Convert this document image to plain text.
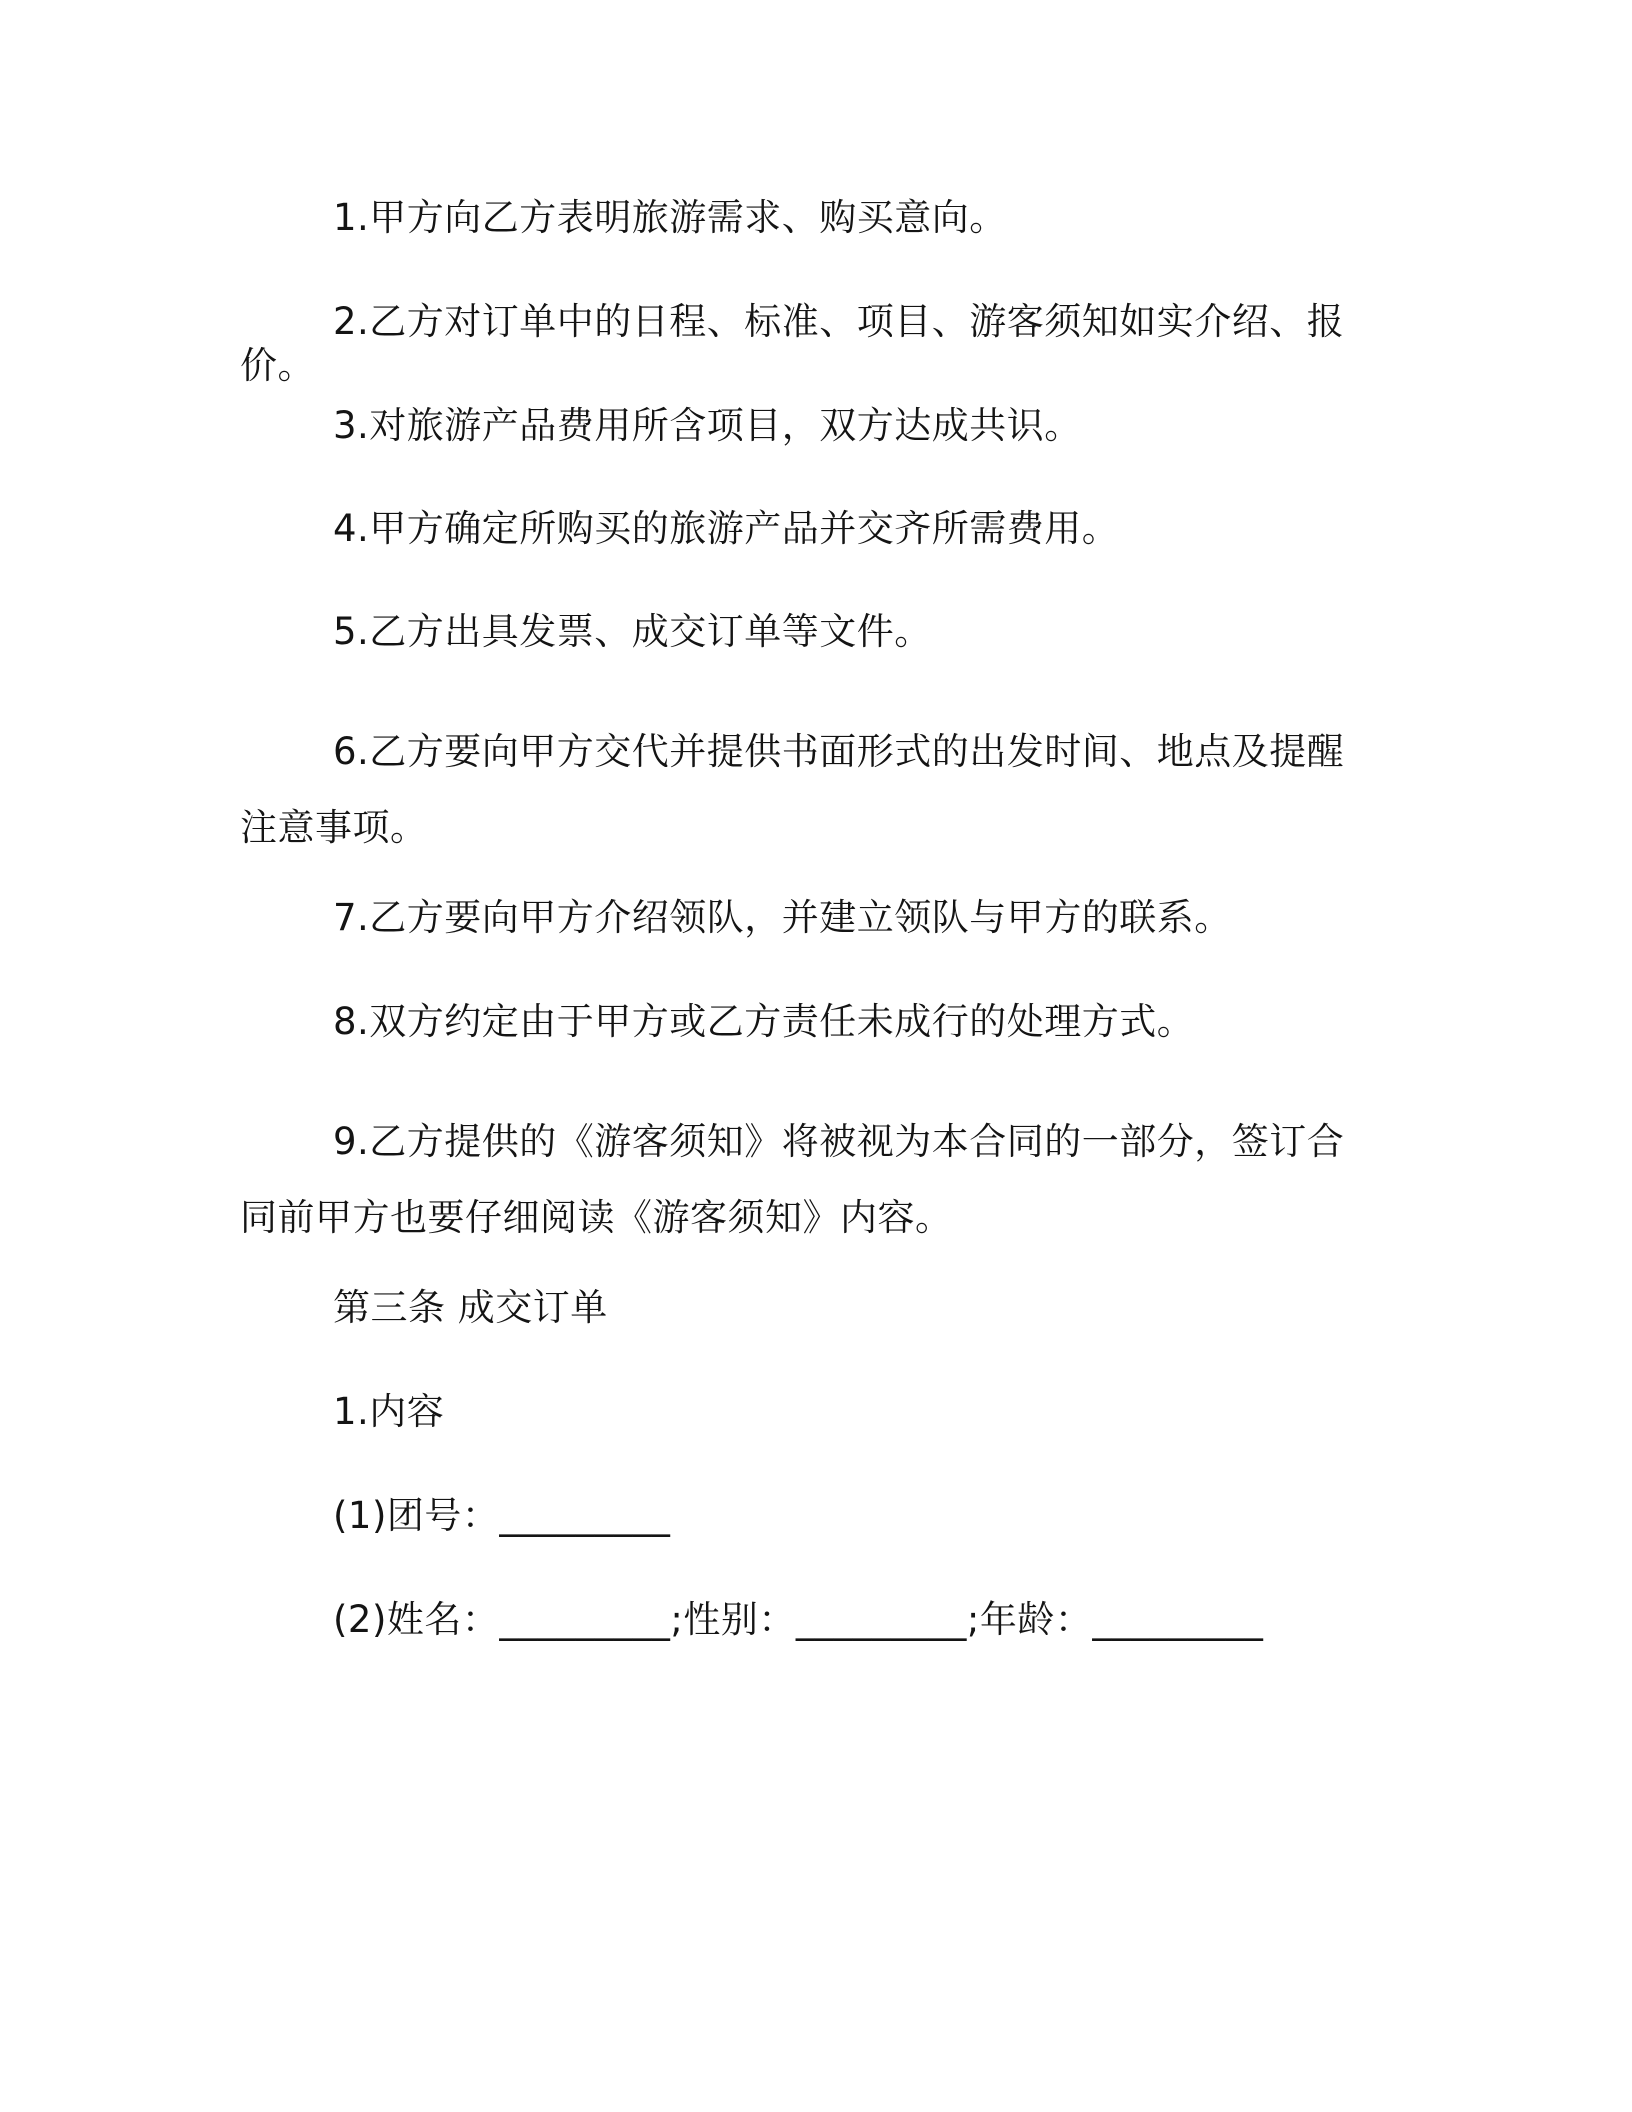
1.甲方向乙方表明旅游需求、购买意向。
2.乙方对订单中的日程、标准、项目、游客须知如实介绍、报价。
3.对旅游产品费用所含项目，双方达成共识。
4.甲方确定所购买的旅游产品并交齐所需费用。
5.乙方出具发票、成交订单等文件。
6.乙方要向甲方交代并提供书面形式的出发时间、地点及提醒注意事项。
7.乙方要向甲方介绍领队，并建立领队与甲方的联系。
8.双方约定由于甲方或乙方责任未成行的处理方式。
9.乙方提供的《游客须知》将被视为本合同的一部分，签订合同前甲方也要仔细阅读《游客须知》内容。
第三条 成交订单
1.内容
(1)团号：_________
(2)姓名：_________;性别：_________;年龄：_________
